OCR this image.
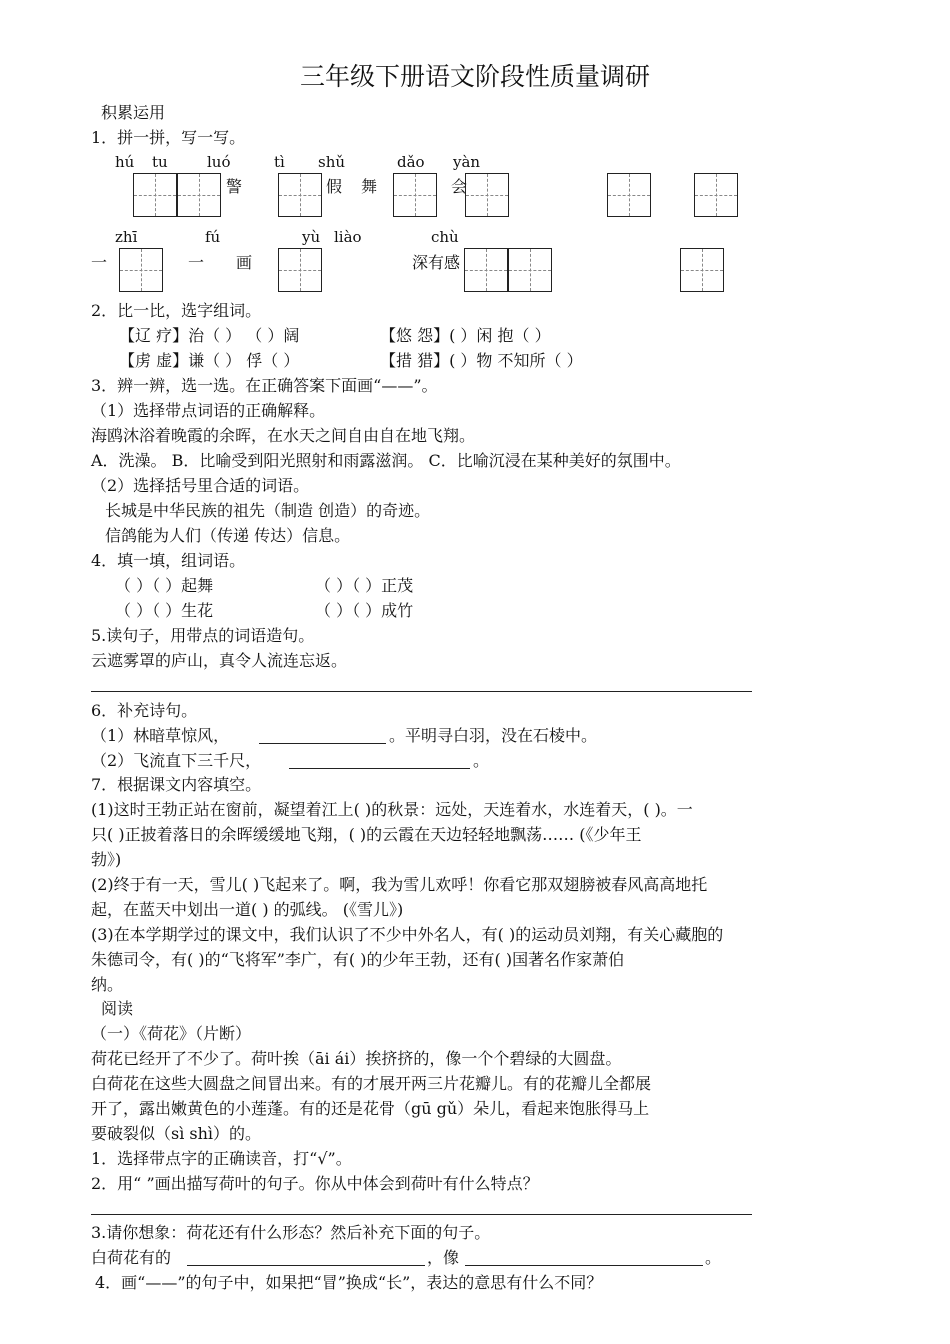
三年级下册语文阶段性质量调研
积累运用
1．拼一拼，写一写。
hú tu	luó	tì shǔ	dǎo yàn
警	假 舞	会
zhī	fú	yù liào	chù
一	一 画	深有感
2．比一比，选字组词。
【辽 疗】治（ ） （ ）阔	【悠 怨】( ）闲 抱（ ）
【虏 虚】谦（ ） 俘（ ）	【措 猎】( ）物 不知所（ ）
3．辨一辨，选一选。在正确答案下面画“——”。
（1）选择带点词语的正确解释。
海鸥沐浴着晚霞的余晖，在水天之间自由自在地飞翔。
A．洗澡。 B．比喻受到阳光照射和雨露滋润。 C．比喻沉浸在某种美好的氛围中。
（2）选择括号里合适的词语。
长城是中华民族的祖先（制造 创造）的奇迹。
信鸽能为人们（传递 传达）信息。
4．填一填，组词语。
（ ）（ ）起舞	（ ）（ ）正茂
（ ）（ ）生花	（ ）（ ）成竹
5.读句子，用带点的词语造句。
云遮雾罩的庐山，真令人流连忘返。
6．补充诗句。
（1）林暗草惊风，	。平明寻白羽，没在石棱中。
（2）飞流直下三千尺，	。
7．根据课文内容填空。
(1)这时王勃正站在窗前，凝望着江上( )的秋景：远处，天连着水，水连着天，( )。一
只( )正披着落日的余晖缓缓地飞翔，( )的云霞在天边轻轻地飘荡…… (《少年王
勃》)
(2)终于有一天，雪儿( )飞起来了。啊，我为雪儿欢呼！你看它那双翅膀被春风高高地托
起，在蓝天中划出一道( ) 的弧线。 (《雪儿》)
(3)在本学期学过的课文中，我们认识了不少中外名人，有( )的运动员刘翔，有关心藏胞的
朱德司令，有( )的“飞将军”李广，有( )的少年王勃，还有( )国著名作家萧伯
纳。
阅读
（一）《荷花》（片断）
荷花已经开了不少了。荷叶挨（āi ái）挨挤挤的，像一个个碧绿的大圆盘。
白荷花在这些大圆盘之间冒出来。有的才展开两三片花瓣儿。有的花瓣儿全都展
开了，露出嫩黄色的小莲蓬。有的还是花骨（gū gǔ）朵儿，看起来饱胀得马上
要破裂似（sì shì）的。
1．选择带点字的正确读音，打“√”。
2．用“ ”画出描写荷叶的句子。你从中体会到荷叶有什么特点？
3.请你想象：荷花还有什么形态？然后补充下面的句子。
白荷花有的	，像	。
4．画“——”的句子中，如果把“冒”换成“长”，表达的意思有什么不同？
